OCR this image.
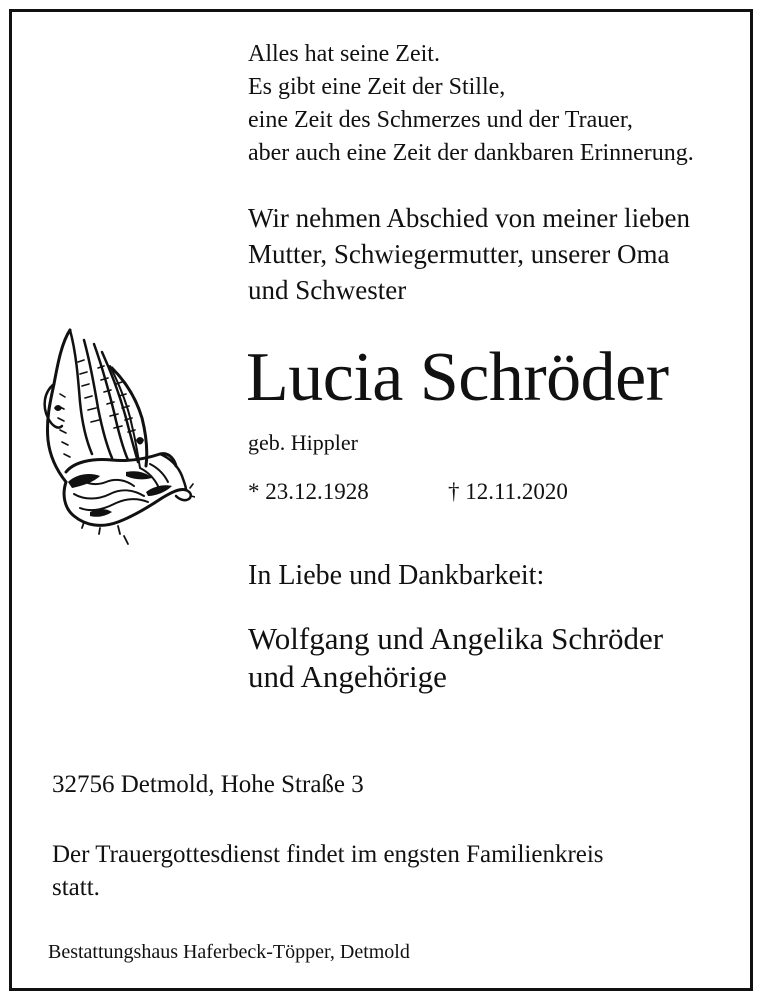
Alles hat seine Zeit.
Es gibt eine Zeit der Stille,
eine Zeit des Schmerzes und der Trauer,
aber auch eine Zeit der dankbaren Erinnerung.
Wir nehmen Abschied von meiner lieben
Mutter, Schwiegermutter, unserer Oma
und Schwester
Lucia Schröder
geb. Hippler
* 23.12.1928	† 12.11.2020
In Liebe und Dankbarkeit:
Wolfgang und Angelika Schröder
und Angehörige
32756 Detmold, Hohe Straße 3
Der Trauergottesdienst findet im engsten Familienkreis
statt.
Bestattungshaus Haferbeck-Töpper, Detmold
